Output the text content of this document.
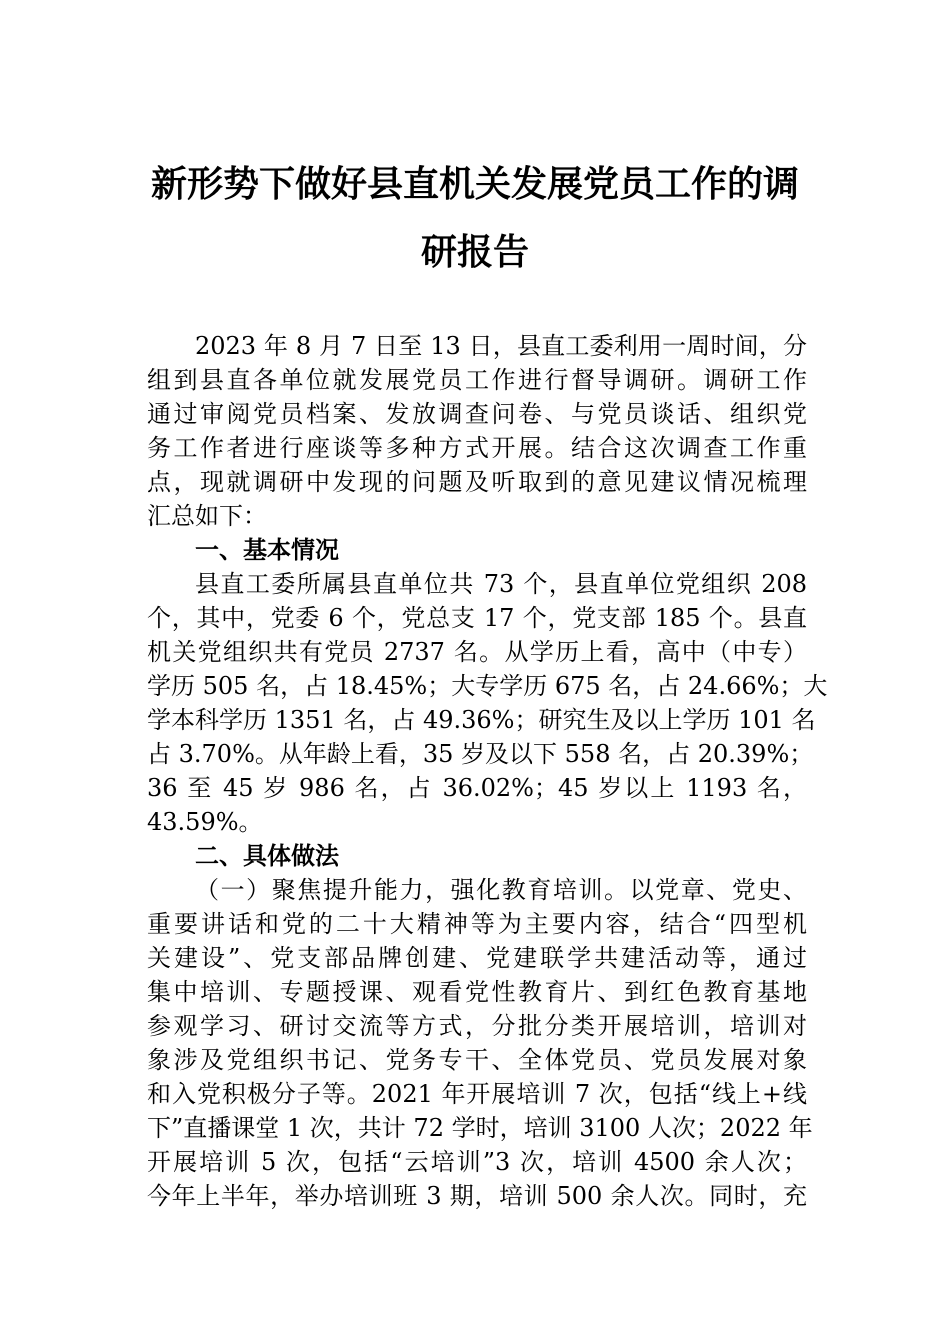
新形势下做好县直机关发展党员工作的调
研报告
2023 年 8 月 7 日至 13 日，县直工委利用一周时间，分
组到县直各单位就发展党员工作进行督导调研。调研工作
通过审阅党员档案、发放调查问卷、与党员谈话、组织党
务工作者进行座谈等多种方式开展。结合这次调查工作重
点，现就调研中发现的问题及听取到的意见建议情况梳理
汇总如下：
一、基本情况
县直工委所属县直单位共 73 个，县直单位党组织 208
个，其中，党委 6 个，党总支 17 个，党支部 185 个。县直
机关党组织共有党员 2737 名。从学历上看，高中（中专）
学历 505 名，占 18.45%；大专学历 675 名，占 24.66%；大
学本科学历 1351 名，占 49.36%；研究生及以上学历 101 名
占 3.70%。从年龄上看，35 岁及以下 558 名，占 20.39%；
36 至 45 岁 986 名，占 36.02%；45 岁以上 1193 名，
43.59%。
二、具体做法
（一）聚焦提升能力，强化教育培训。以党章、党史、
重要讲话和党的二十大精神等为主要内容，结合“四型机
关建设”、党支部品牌创建、党建联学共建活动等，通过
集中培训、专题授课、观看党性教育片、到红色教育基地
参观学习、研讨交流等方式，分批分类开展培训，培训对
象涉及党组织书记、党务专干、全体党员、党员发展对象
和入党积极分子等。2021 年开展培训 7 次，包括“线上+线
下”直播课堂 1 次，共计 72 学时，培训 3100 人次；2022 年
开展培训 5 次，包括“云培训”3 次，培训 4500 余人次；
今年上半年，举办培训班 3 期，培训 500 余人次。同时，充
